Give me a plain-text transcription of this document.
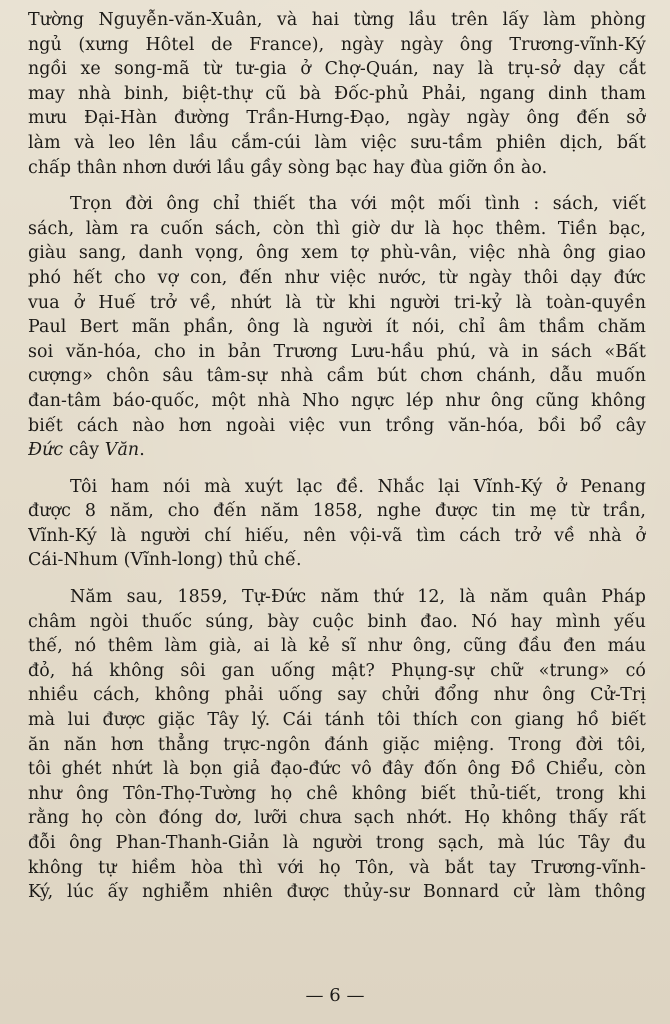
Tường Nguyễn-văn-Xuân, và hai từng lầu trên lấy làm phòng
ngủ (xưng Hôtel de France), ngày ngày ông Trương-vĩnh-Ký
ngồi xe song-mã từ tư-gia ở Chợ-Quán, nay là trụ-sở dạy cắt
may nhà binh, biệt-thự cũ bà Đốc-phủ Phải, ngang dinh tham
mưu Đại-Hàn đường Trần-Hưng-Đạo, ngày ngày ông đến sở
làm và leo lên lầu cắm-cúi làm việc sưu-tầm phiên dịch, bất
chấp thân nhơn dưới lầu gầy sòng bạc hay đùa giỡn ồn ào.
Trọn đời ông chỉ thiết tha với một mối tình : sách, viết
sách, làm ra cuốn sách, còn thì giờ dư là học thêm. Tiền bạc,
giàu sang, danh vọng, ông xem tợ phù-vân, việc nhà ông giao
phó hết cho vợ con, đến như việc nước, từ ngày thôi dạy đức
vua ở Huế trở về, nhứt là từ khi người tri-kỷ là toàn-quyền
Paul Bert mãn phần, ông là người ít nói, chỉ âm thầm chăm
soi văn-hóa, cho in bản Trương Lưu-hầu phú, và in sách «Bất
cượng» chôn sâu tâm-sự nhà cầm bút chơn chánh, dẫu muốn
đan-tâm báo-quốc, một nhà Nho ngực lép như ông cũng không
biết cách nào hơn ngoài việc vun trồng văn-hóa, bồi bổ cây
Đức cây Văn.
Tôi ham nói mà xuýt lạc đề. Nhắc lại Vĩnh-Ký ở Penang
được 8 năm, cho đến năm 1858, nghe được tin mẹ từ trần,
Vĩnh-Ký là người chí hiếu, nên vội-vã tìm cách trở về nhà ở
Cái-Nhum (Vĩnh-long) thủ chế.
Năm sau, 1859, Tự-Đức năm thứ 12, là năm quân Pháp
châm ngòi thuốc súng, bày cuộc binh đao. Nó hay mình yếu
thế, nó thêm làm già, ai là kẻ sĩ như ông, cũng đầu đen máu
đỏ, há không sôi gan uống mật? Phụng-sự chữ «trung» có
nhiều cách, không phải uống say chửi đổng như ông Cử-Trị
mà lui được giặc Tây lý. Cái tánh tôi thích con giang hồ biết
ăn năn hơn thẳng trực-ngôn đánh giặc miệng. Trong đời tôi,
tôi ghét nhứt là bọn giả đạo-đức vô đây đốn ông Đồ Chiểu, còn
như ông Tôn-Thọ-Tường họ chê không biết thủ-tiết, trong khi
rằng họ còn đóng dơ, lưỡi chưa sạch nhớt. Họ không thấy rất
đỗi ông Phan-Thanh-Giản là người trong sạch, mà lúc Tây đu
không tự hiềm hòa thì với họ Tôn, và bắt tay Trương-vĩnh-
Ký, lúc ấy nghiễm nhiên được thủy-sư Bonnard cử làm thông
— 6 —
